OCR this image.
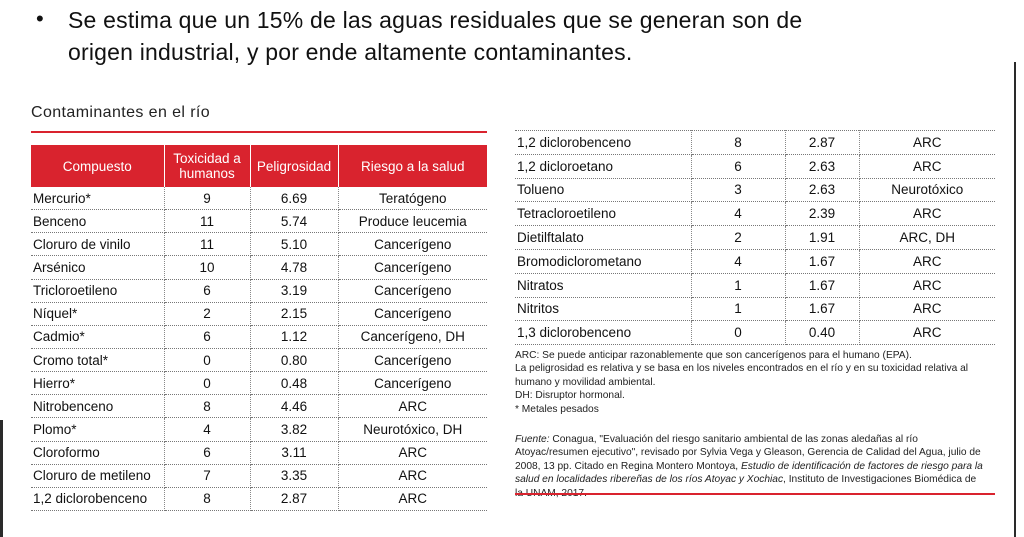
• Se estima que un 15% de las aguas residuales que se generan son de origen industrial, y por ende altamente contaminantes.
Contaminantes en el río
Compuesto	Toxicidad a humanos	Peligrosidad	Riesgo a la salud
Mercurio*	9	6.69	Teratógeno
Benceno	11	5.74	Produce leucemia
Cloruro de vinilo	11	5.10	Cancerígeno
Arsénico	10	4.78	Cancerígeno
Tricloroetileno	6	3.19	Cancerígeno
Níquel*	2	2.15	Cancerígeno
Cadmio*	6	1.12	Cancerígeno, DH
Cromo total*	0	0.80	Cancerígeno
Hierro*	0	0.48	Cancerígeno
Nitrobenceno	8	4.46	ARC
Plomo*	4	3.82	Neurotóxico, DH
Cloroformo	6	3.11	ARC
Cloruro de metileno	7	3.35	ARC
1,2 diclorobenceno	8	2.87	ARC
1,2 diclorobenceno	8	2.87	ARC
1,2 dicloroetano	6	2.63	ARC
Tolueno	3	2.63	Neurotóxico
Tetracloroetileno	4	2.39	ARC
Dietilftalato	2	1.91	ARC, DH
Bromodiclorometano	4	1.67	ARC
Nitratos	1	1.67	ARC
Nitritos	1	1.67	ARC
1,3 diclorobenceno	0	0.40	ARC
ARC: Se puede anticipar razonablemente que son cancerígenos para el humano (EPA).
La peligrosidad es relativa y se basa en los niveles encontrados en el río y en su toxicidad relativa al humano y movilidad ambiental.
DH: Disruptor hormonal.
* Metales pesados
Fuente: Conagua, "Evaluación del riesgo sanitario ambiental de las zonas aledañas al río Atoyac/resumen ejecutivo", revisado por Sylvia Vega y Gleason, Gerencia de Calidad del Agua, julio de 2008, 13 pp. Citado en Regina Montero Montoya, Estudio de identificación de factores de riesgo para la salud en localidades ribereñas de los ríos Atoyac y Xochiac, Instituto de Investigaciones Biomédica de
